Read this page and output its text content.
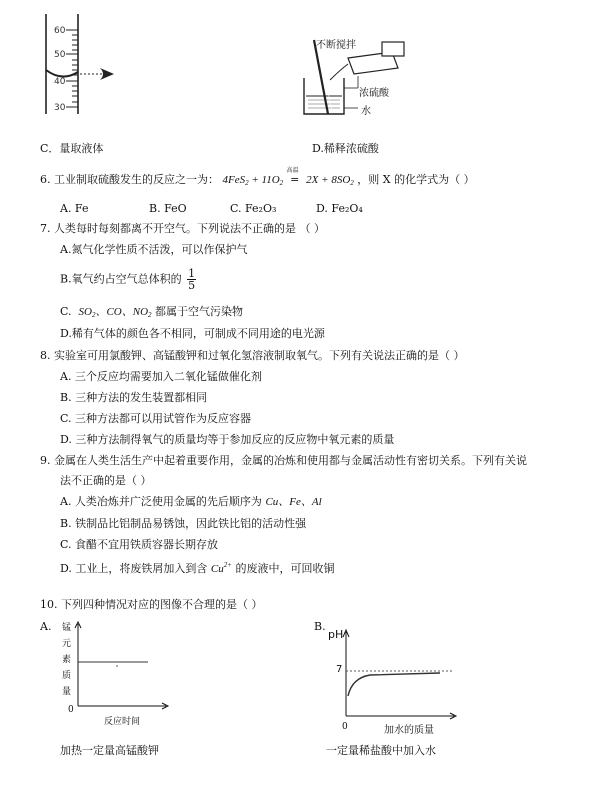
60
50
40
30
不断搅拌
浓硫酸
水
C．量取液体	D.稀释浓硫酸
6. 工业制取硫酸发生的反应之一为： $4FeS_2 + 11O_2$
高温
= $2X + 8SO_2$ ，则 X 的化学式为（ ）
A. Fe	B. FeO	C. Fe₂O₃	D. Fe₂O₄
7. 人类每时每刻都离不开空气。下列说法不正确的是 （ ）
A.氮气化学性质不活泼，可以作保护气
B.氧气约占空气总体积的 $\frac{1}{5}$
C.  $SO_2$、CO、$NO_2$ 都属于空气污染物
D.稀有气体的颜色各不相同，可制成不同用途的电光源
8. 实验室可用氯酸钾、高锰酸钾和过氧化氢溶液制取氧气。下列有关说法正确的是（ ）
A. 三个反应均需要加入二氧化锰做催化剂
B. 三种方法的发生装置都相同
C. 三种方法都可以用试管作为反应容器
D. 三种方法制得氧气的质量均等于参加反应的反应物中氧元素的质量
9. 金属在人类生活生产中起着重要作用，金属的冶炼和使用都与金属活动性有密切关系。下列有关说
法不正确的是（ ）
A. 人类冶炼并广泛使用金属的先后顺序为 Cu、Fe、Al
B. 铁制品比铝制品易锈蚀，因此铁比铝的活动性强
C. 食醋不宜用铁质容器长期存放
D. 工业上，将废铁屑加入到含 $Cu^{2+}$ 的废液中，可回收铜
10. 下列四种情况对应的图像不合理的是（ ）
A. 锰
元
素
质
量
0
反应时间
加热一定量高锰酸钾
B.
pH
7
0	加水的质量
一定量稀盐酸中加入水
